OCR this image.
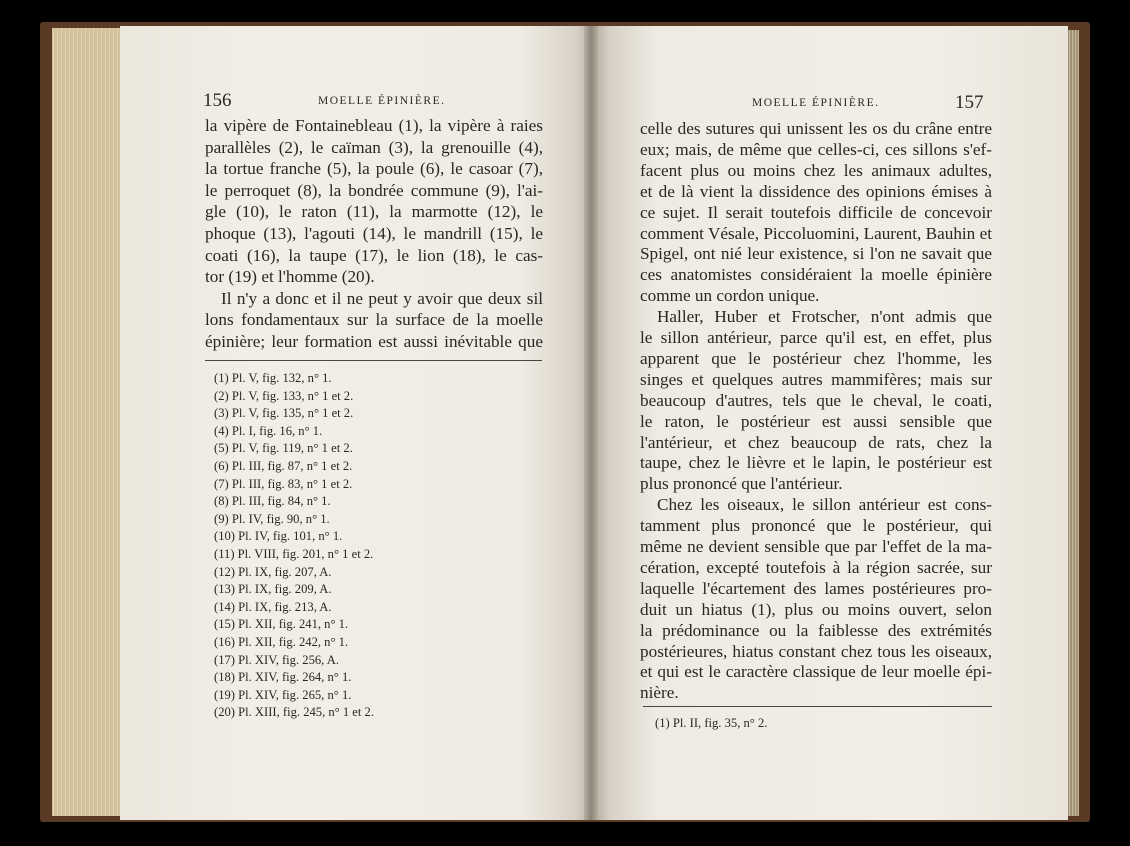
156	MOELLE ÉPINIÈRE.
la vipère de Fontainebleau (1), la vipère à raies
parallèles (2), le caïman (3), la grenouille (4),
la tortue franche (5), la poule (6), le casoar (7),
le perroquet (8), la bondrée commune (9), l'ai-
gle (10), le raton (11), la marmotte (12), le
phoque (13), l'agouti (14), le mandrill (15), le
coati (16), la taupe (17), le lion (18), le cas-
tor (19) et l'homme (20).
Il n'y a donc et il ne peut y avoir que deux sil
lons fondamentaux sur la surface de la moelle
épinière; leur formation est aussi inévitable que
(1) Pl. V, fig. 132, n° 1.
(2) Pl. V, fig. 133, n° 1 et 2.
(3) Pl. V, fig. 135, n° 1 et 2.
(4) Pl. I, fig. 16, n° 1.
(5) Pl. V, fig. 119, n° 1 et 2.
(6) Pl. III, fig. 87, n° 1 et 2.
(7) Pl. III, fig. 83, n° 1 et 2.
(8) Pl. III, fig. 84, n° 1.
(9) Pl. IV, fig. 90, n° 1.
(10) Pl. IV, fig. 101, n° 1.
(11) Pl. VIII, fig. 201, n° 1 et 2.
(12) Pl. IX, fig. 207, A.
(13) Pl. IX, fig. 209, A.
(14) Pl. IX, fig. 213, A.
(15) Pl. XII, fig. 241, n° 1.
(16) Pl. XII, fig. 242, n° 1.
(17) Pl. XIV, fig. 256, A.
(18) Pl. XIV, fig. 264, n° 1.
(19) Pl. XIV, fig. 265, n° 1.
(20) Pl. XIII, fig. 245, n° 1 et 2.
MOELLE ÉPINIÈRE.	157
celle des sutures qui unissent les os du crâne entre
eux; mais, de même que celles-ci, ces sillons s'ef-
facent plus ou moins chez les animaux adultes,
et de là vient la dissidence des opinions émises à
ce sujet. Il serait toutefois difficile de concevoir
comment Vésale, Piccoluomini, Laurent, Bauhin et
Spigel, ont nié leur existence, si l'on ne savait que
ces anatomistes considéraient la moelle épinière
comme un cordon unique.
Haller, Huber et Frotscher, n'ont admis que
le sillon antérieur, parce qu'il est, en effet, plus
apparent que le postérieur chez l'homme, les
singes et quelques autres mammifères; mais sur
beaucoup d'autres, tels que le cheval, le coati,
le raton, le postérieur est aussi sensible que
l'antérieur, et chez beaucoup de rats, chez la
taupe, chez le lièvre et le lapin, le postérieur est
plus prononcé que l'antérieur.
Chez les oiseaux, le sillon antérieur est cons-
tamment plus prononcé que le postérieur, qui
même ne devient sensible que par l'effet de la ma-
cération, excepté toutefois à la région sacrée, sur
laquelle l'écartement des lames postérieures pro-
duit un hiatus (1), plus ou moins ouvert, selon
la prédominance ou la faiblesse des extrémités
postérieures, hiatus constant chez tous les oiseaux,
et qui est le caractère classique de leur moelle épi-
nière.
(1) Pl. II, fig. 35, n° 2.
